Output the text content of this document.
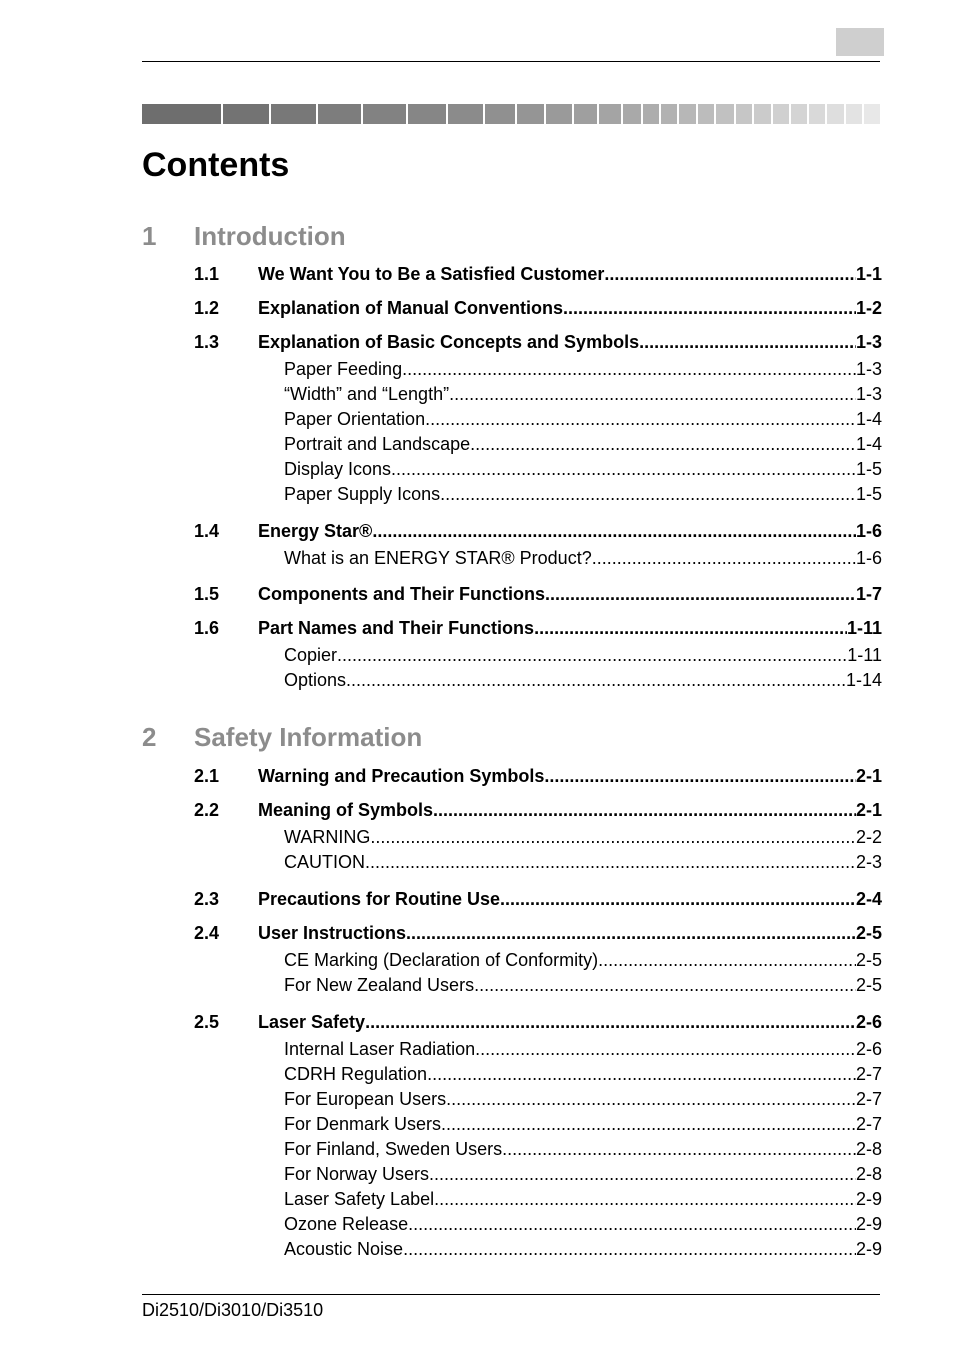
Contents
1 Introduction
1.1 We Want You to Be a Satisfied Customer .....	1-1
1.2 Explanation of Manual Conventions .....	1-2
1.3 Explanation of Basic Concepts and Symbols .....	1-3
Paper Feeding .....	1-3
“Width” and “Length” .....	1-3
Paper Orientation .....	1-4
Portrait and Landscape .....	1-4
Display Icons .....	1-5
Paper Supply Icons .....	1-5
1.4 Energy Star® .....	1-6
What is an ENERGY STAR® Product? .....	1-6
1.5 Components and Their Functions .....	1-7
1.6 Part Names and Their Functions .....	1-11
Copier .....	1-11
Options .....	1-14
2 Safety Information
2.1 Warning and Precaution Symbols .....	2-1
2.2 Meaning of Symbols .....	2-1
WARNING .....	2-2
CAUTION .....	2-3
2.3 Precautions for Routine Use .....	2-4
2.4 User Instructions .....	2-5
CE Marking (Declaration of Conformity) .....	2-5
For New Zealand Users .....	2-5
2.5 Laser Safety .....	2-6
Internal Laser Radiation .....	2-6
CDRH Regulation .....	2-7
For European Users .....	2-7
For Denmark Users .....	2-7
For Finland, Sweden Users .....	2-8
For Norway Users .....	2-8
Laser Safety Label .....	2-9
Ozone Release .....	2-9
Acoustic Noise .....	2-9
Di2510/Di3010/Di3510
